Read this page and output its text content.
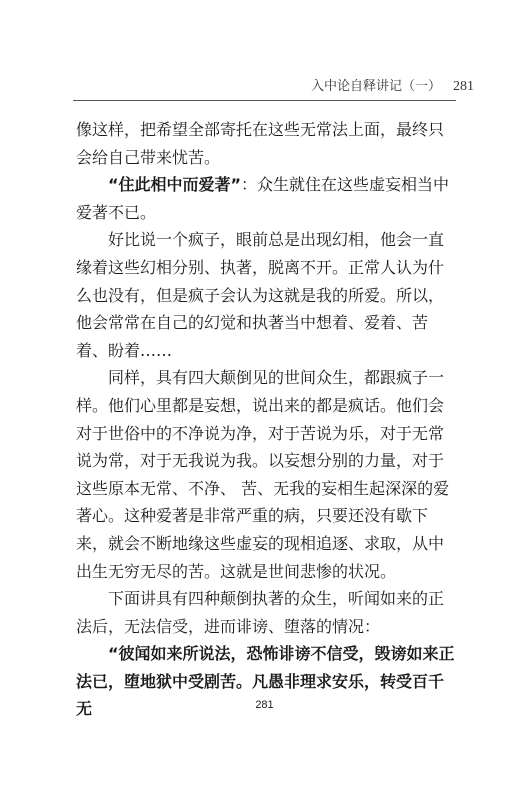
入中论自释讲记（一） 281

像这样，把希望全部寄托在这些无常法上面，最终只会给自己带来忧苦。

“住此相中而爱著”：众生就住在这些虚妄相当中爱著不已。

好比说一个疯子，眼前总是出现幻相，他会一直缘着这些幻相分别、执著，脱离不开。正常人认为什么也没有，但是疯子会认为这就是我的所爱。所以，他会常常在自己的幻觉和执著当中想着、爱着、苦着、盼着……

同样，具有四大颠倒见的世间众生，都跟疯子一样。他们心里都是妄想，说出来的都是疯话。他们会对于世俗中的不净说为净，对于苦说为乐，对于无常说为常，对于无我说为我。以妄想分别的力量，对于这些原本无常、不净、 苦、无我的妄相生起深深的爱著心。这种爱著是非常严重的病，只要还没有歇下来，就会不断地缘这些虚妄的现相追逐、求取，从中出生无穷无尽的苦。这就是世间悲惨的状况。

下面讲具有四种颠倒执著的众生，听闻如来的正法后，无法信受，进而诽谤、堕落的情况：

“彼闻如来所说法，恐怖诽谤不信受，毁谤如来正法已，堕地狱中受剧苦。凡愚非理求安乐，转受百千无	281
